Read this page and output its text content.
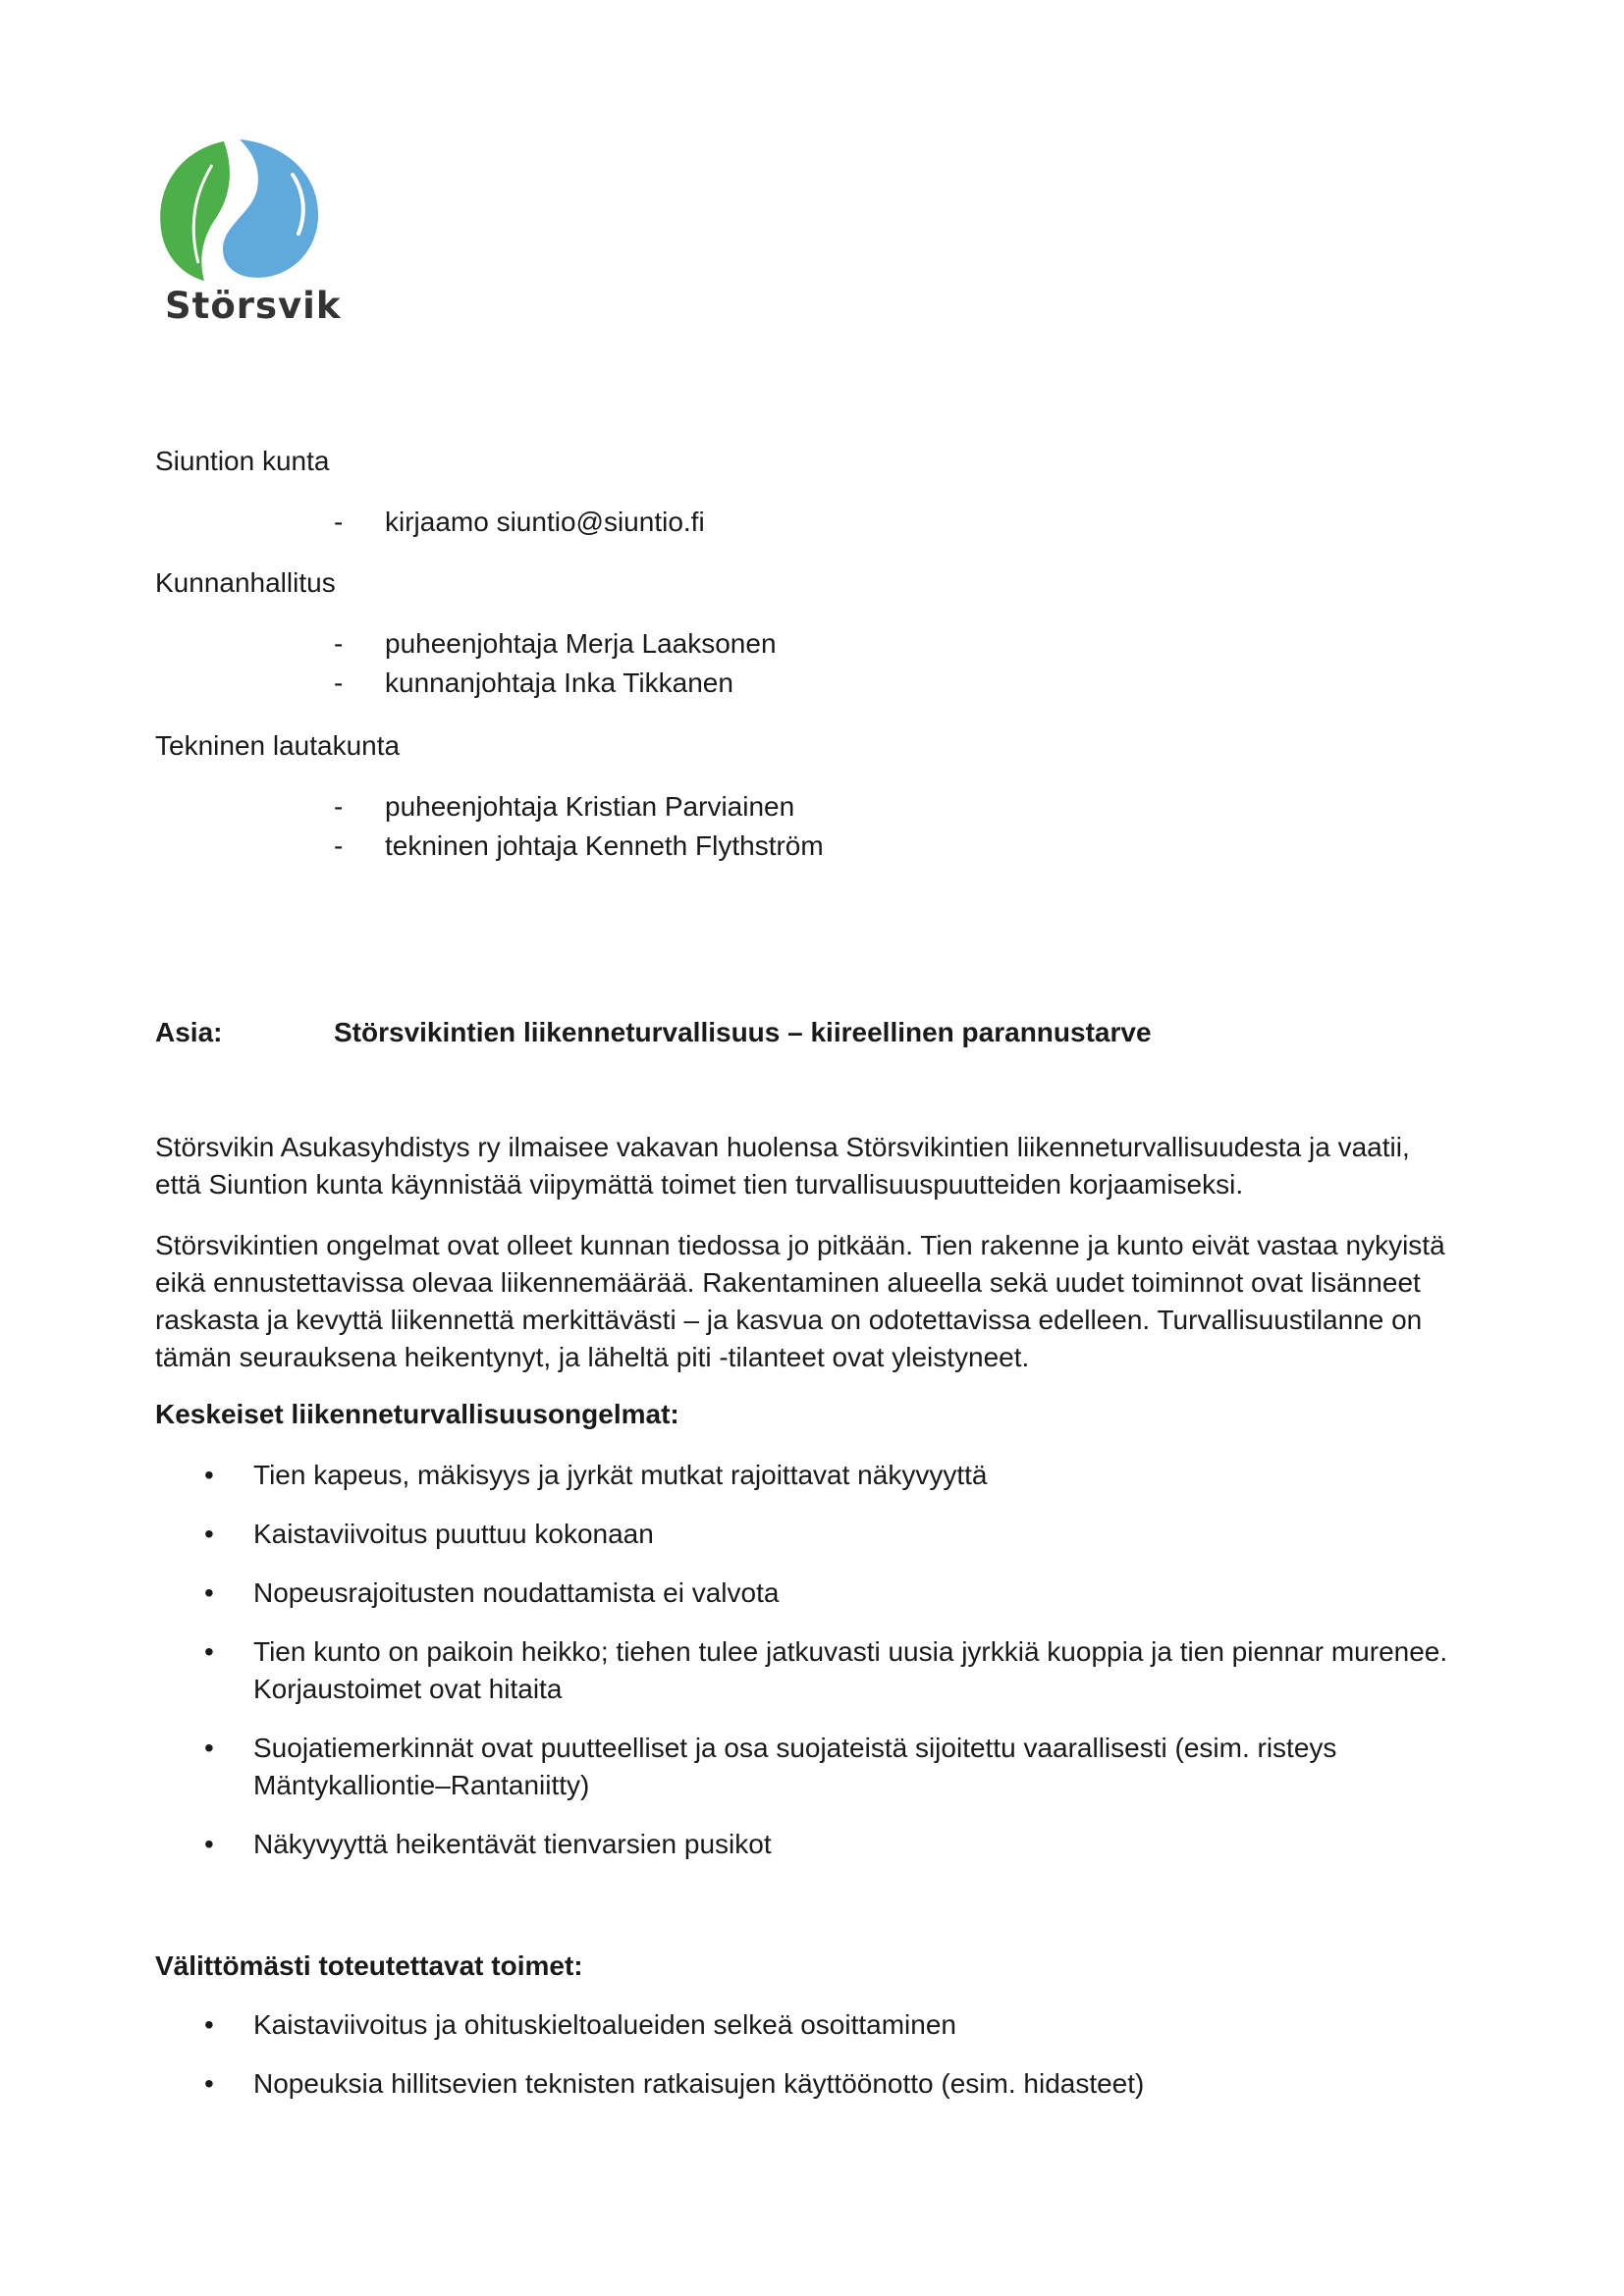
Störsvik
Siuntion kunta
- kirjaamo siuntio@siuntio.fi
Kunnanhallitus
- puheenjohtaja Merja Laaksonen
- kunnanjohtaja Inka Tikkanen
Tekninen lautakunta
- puheenjohtaja Kristian Parviainen
- tekninen johtaja Kenneth Flythström
Asia:	Störsvikintien liikenneturvallisuus – kiireellinen parannustarve

Störsvikin Asukasyhdistys ry ilmaisee vakavan huolensa Störsvikintien liikenneturvallisuudesta ja vaatii, että Siuntion kunta käynnistää viipymättä toimet tien turvallisuuspuutteiden korjaamiseksi.

Störsvikintien ongelmat ovat olleet kunnan tiedossa jo pitkään. Tien rakenne ja kunto eivät vastaa nykyistä eikä ennustettavissa olevaa liikennemäärää. Rakentaminen alueella sekä uudet toiminnot ovat lisänneet raskasta ja kevyttä liikennettä merkittävästi – ja kasvua on odotettavissa edelleen. Turvallisuustilanne on tämän seurauksena heikentynyt, ja läheltä piti -tilanteet ovat yleistyneet.

Keskeiset liikenneturvallisuusongelmat:
• Tien kapeus, mäkisyys ja jyrkät mutkat rajoittavat näkyvyyttä
• Kaistaviivoitus puuttuu kokonaan
• Nopeusrajoitusten noudattamista ei valvota
• Tien kunto on paikoin heikko; tiehen tulee jatkuvasti uusia jyrkkiä kuoppia ja tien piennar murenee. Korjaustoimet ovat hitaita
• Suojatiemerkinnät ovat puutteelliset ja osa suojateistä sijoitettu vaarallisesti (esim. risteys Mäntykalliontie–Rantaniitty)
• Näkyvyyttä heikentävät tienvarsien pusikot
Välittömästi toteutettavat toimet:
• Kaistaviivoitus ja ohituskieltoalueiden selkeä osoittaminen
• Nopeuksia hillitsevien teknisten ratkaisujen käyttöönotto (esim. hidasteet)
